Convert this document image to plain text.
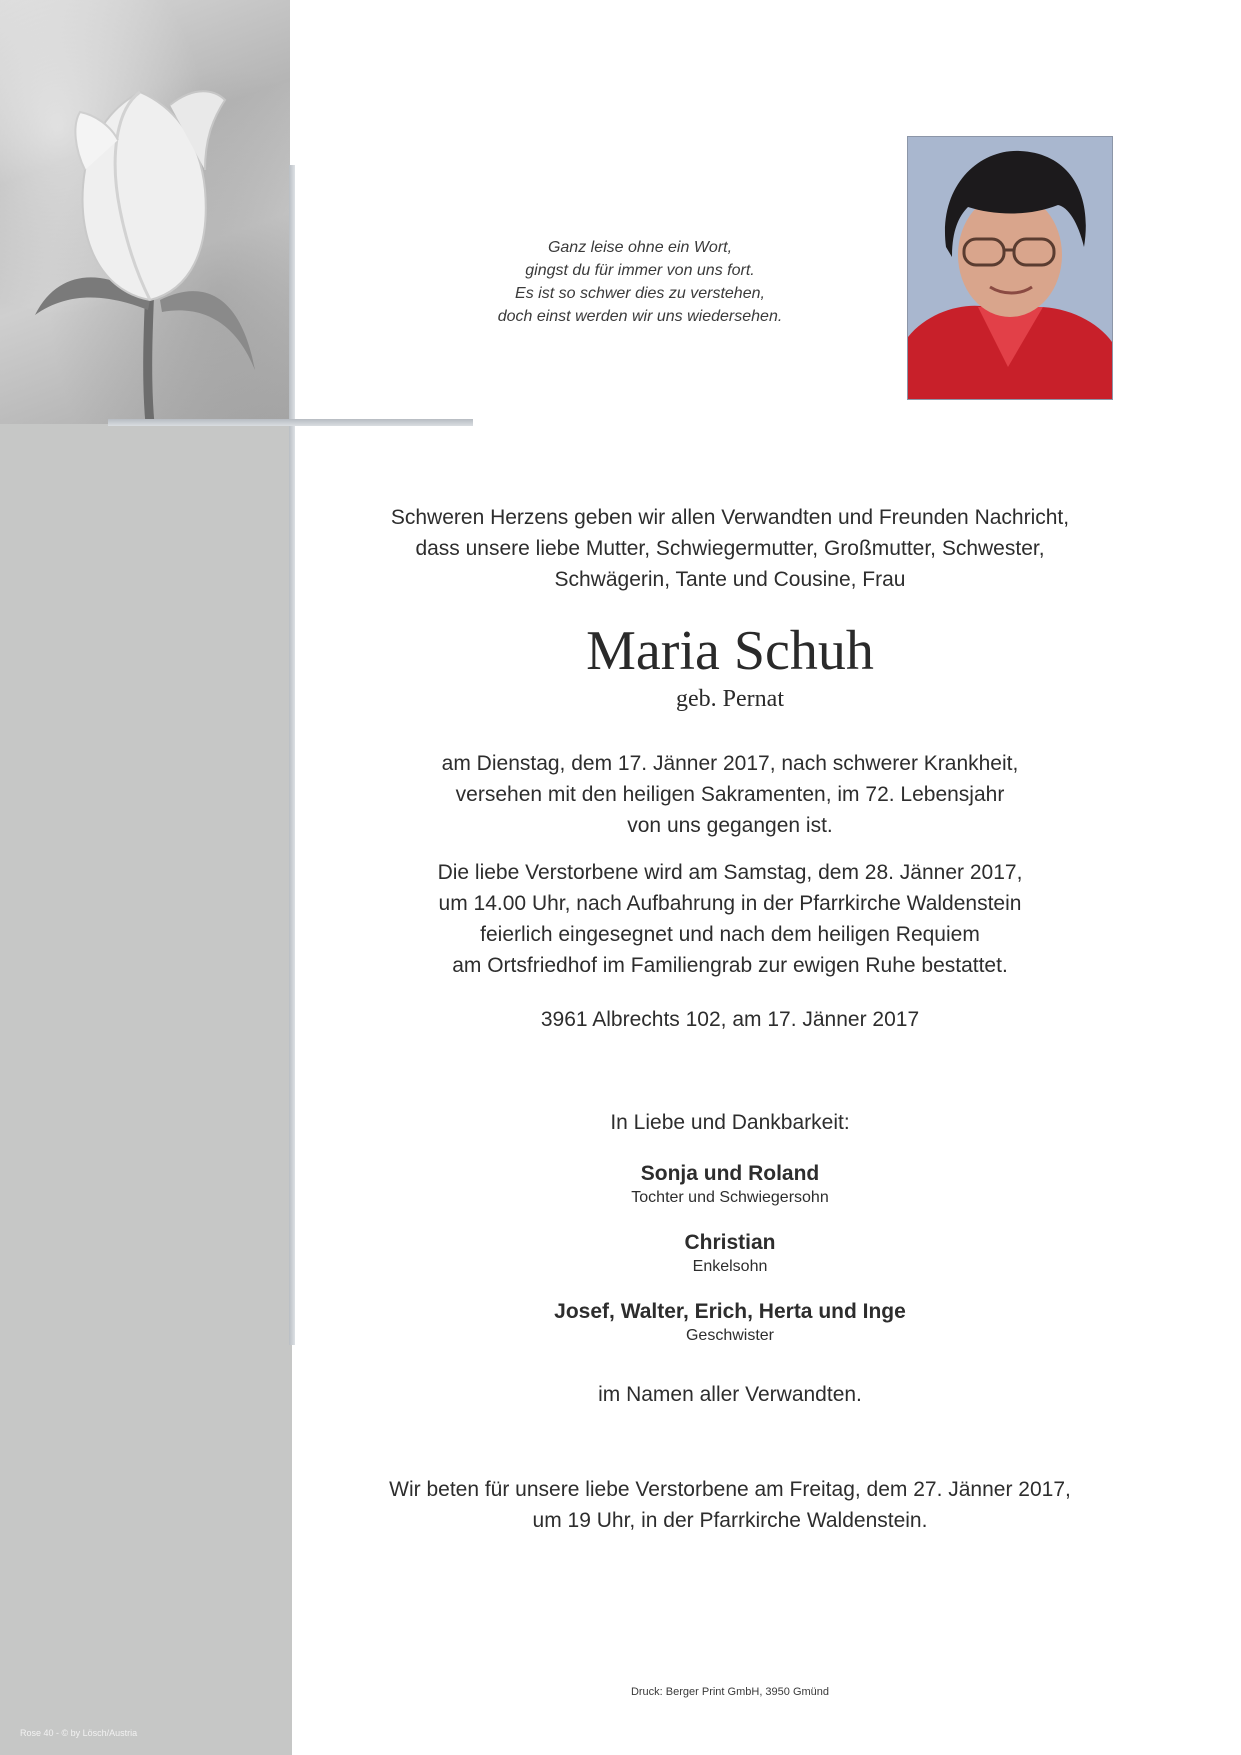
Rose 40 - © by Lösch/Austria
Ganz leise ohne ein Wort,
gingst du für immer von uns fort.
Es ist so schwer dies zu verstehen,
doch einst werden wir uns wiedersehen.
Schweren Herzens geben wir allen Verwandten und Freunden Nachricht,
dass unsere liebe Mutter, Schwiegermutter, Großmutter, Schwester,
Schwägerin, Tante und Cousine, Frau
Maria Schuh
geb. Pernat
am Dienstag, dem 17. Jänner 2017, nach schwerer Krankheit,
versehen mit den heiligen Sakramenten, im 72. Lebensjahr
von uns gegangen ist.
Die liebe Verstorbene wird am Samstag, dem 28. Jänner 2017,
um 14.00 Uhr, nach Aufbahrung in der Pfarrkirche Waldenstein
feierlich eingesegnet und nach dem heiligen Requiem
am Ortsfriedhof im Familiengrab zur ewigen Ruhe bestattet.
3961 Albrechts 102, am 17. Jänner 2017
In Liebe und Dankbarkeit:
Sonja und Roland
Tochter und Schwiegersohn
Christian
Enkelsohn
Josef, Walter, Erich, Herta und Inge
Geschwister
im Namen aller Verwandten.
Wir beten für unsere liebe Verstorbene am Freitag, dem 27. Jänner 2017,
um 19 Uhr, in der Pfarrkirche Waldenstein.
Druck: Berger Print GmbH, 3950 Gmünd
